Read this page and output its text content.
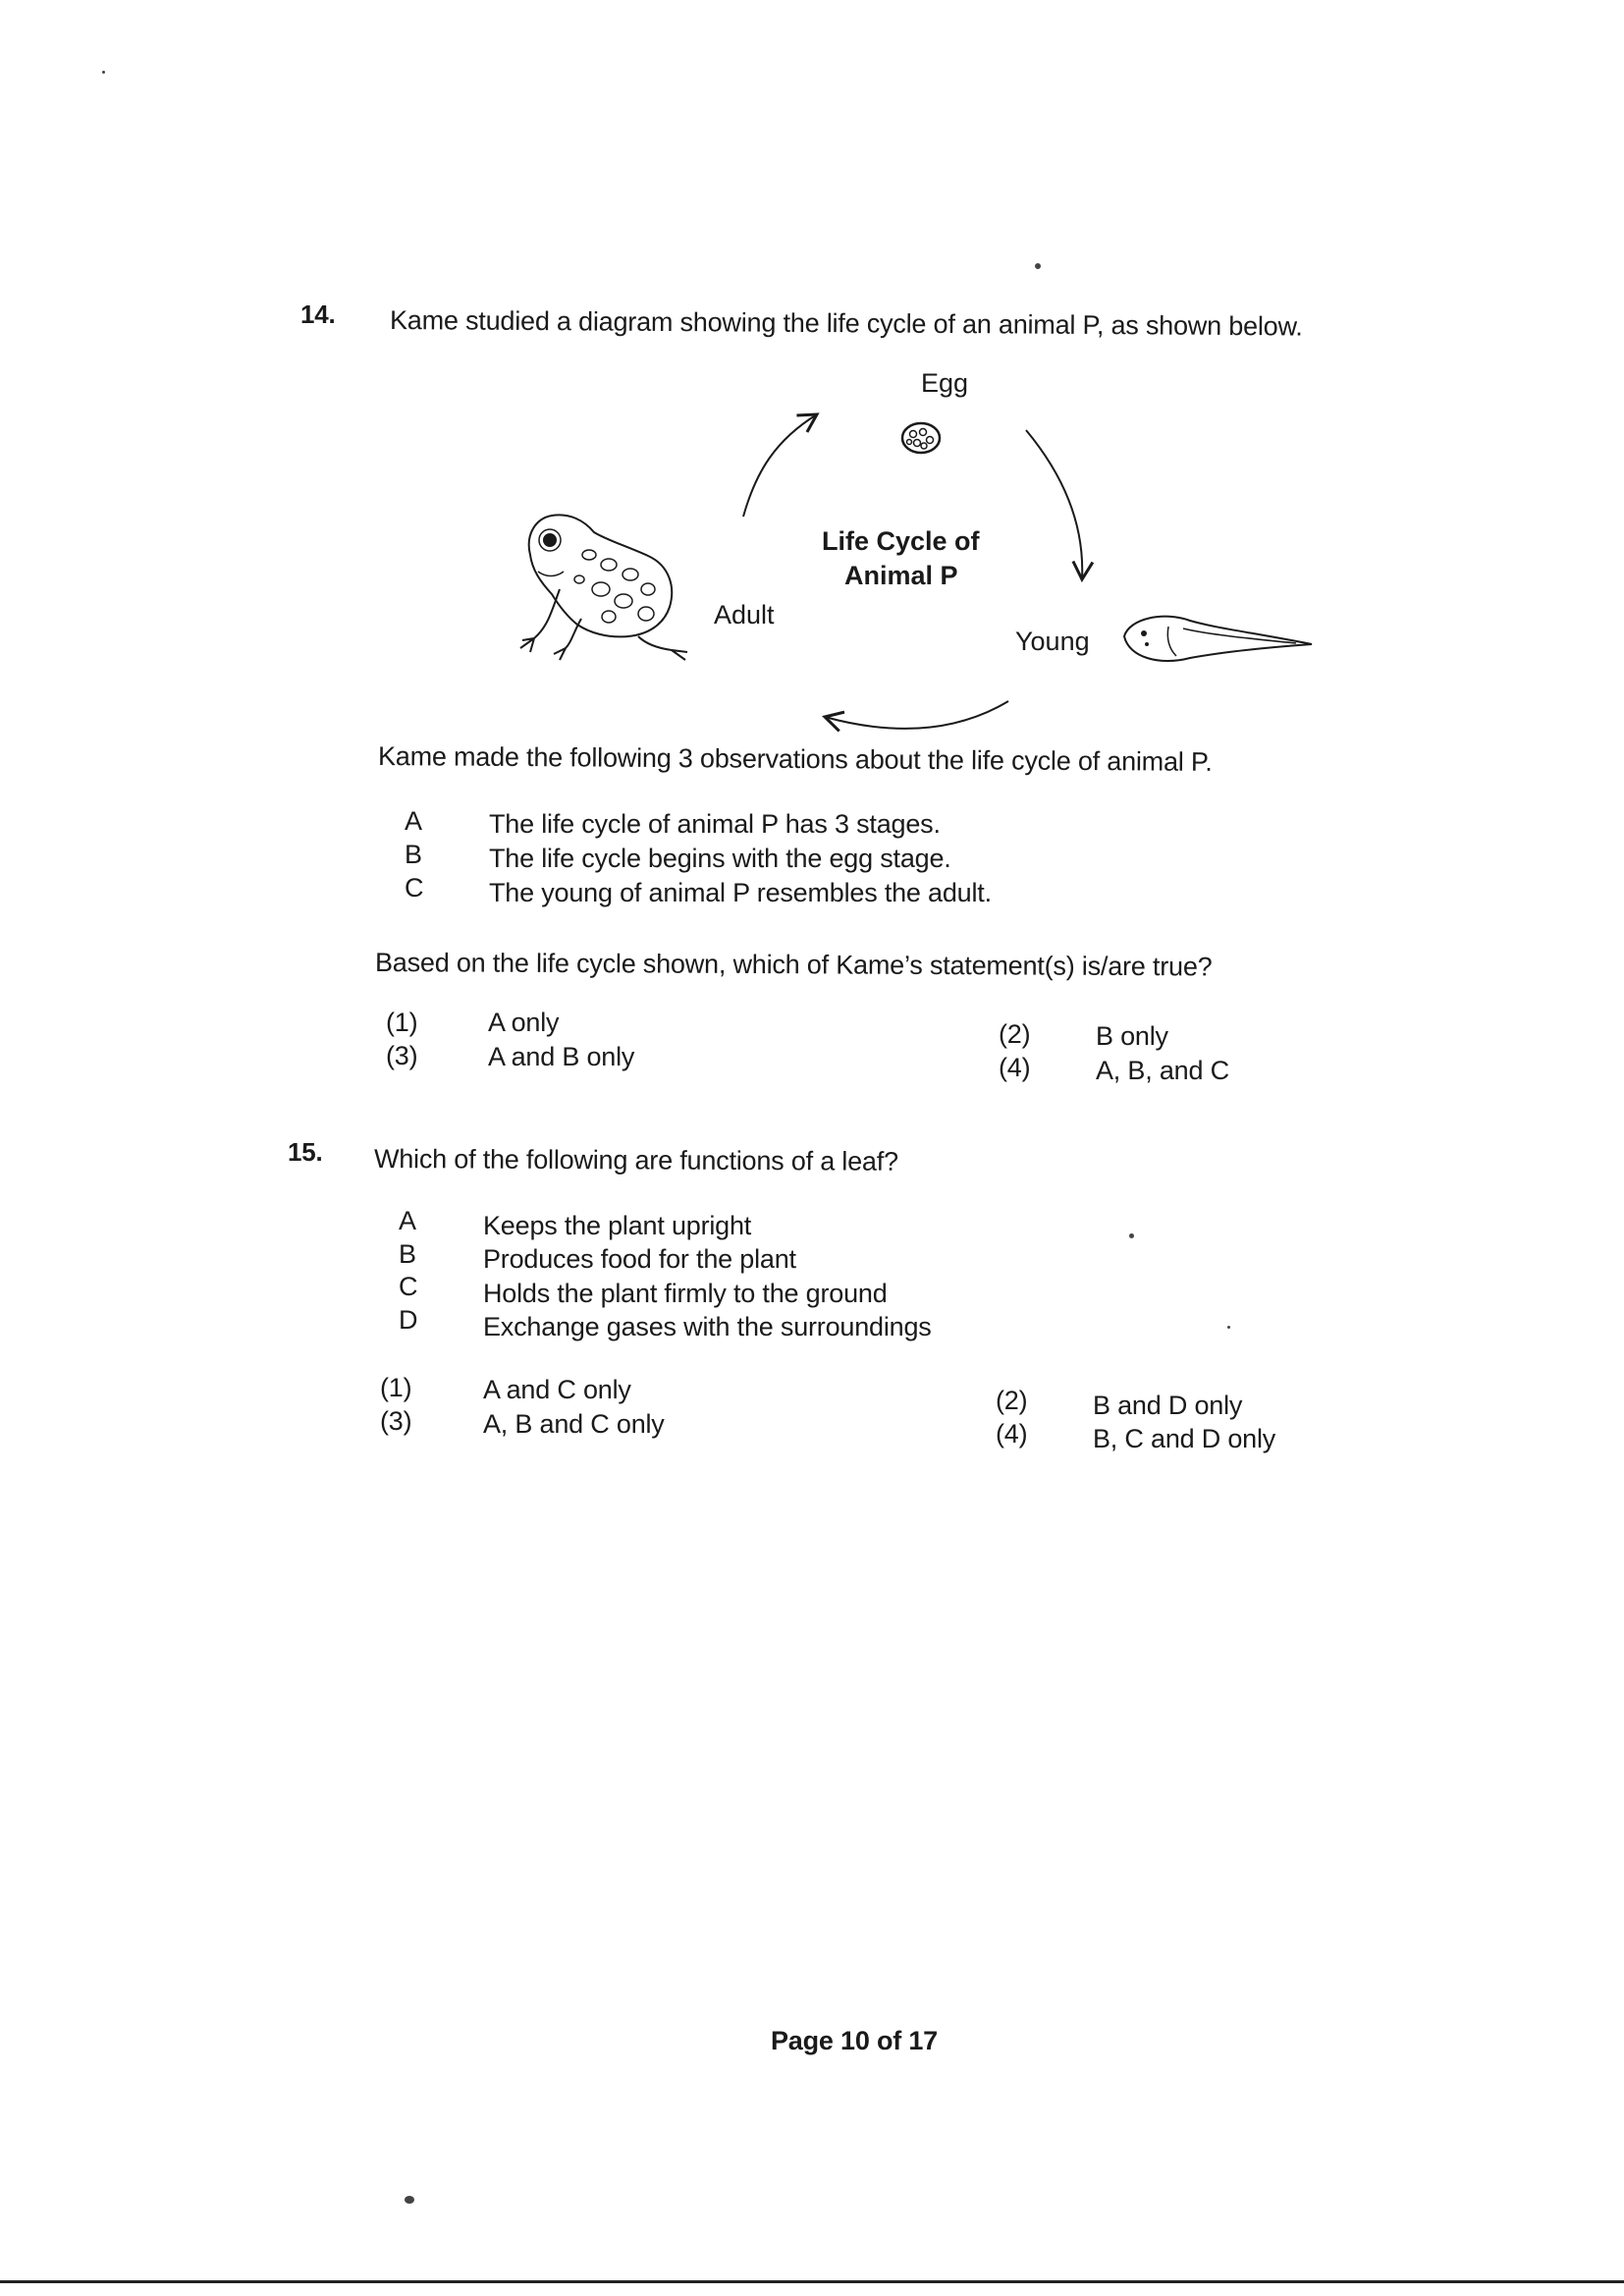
14. Kame studied a diagram showing the life cycle of an animal P, as shown below.
Egg
Young
Adult
Life Cycle of
Animal P
Kame made the following 3 observations about the life cycle of animal P.
A	The life cycle of animal P has 3 stages.
B	The life cycle begins with the egg stage.
C The young of animal P resembles the adult.
Based on the life cycle shown, which of Kame’s statement(s) is/are true?
(1)	A only	(2) B only
(3)	A and B only	(4) A, B, and C
15. Which of the following are functions of a leaf?
A	Keeps the plant upright
B	Produces food for the plant
C Holds the plant firmly to the ground
D Exchange gases with the surroundings
(1)	A and C only	(2) B and D only
(3)	A, B and C only	(4) B, C and D only
Page 10 of 17
